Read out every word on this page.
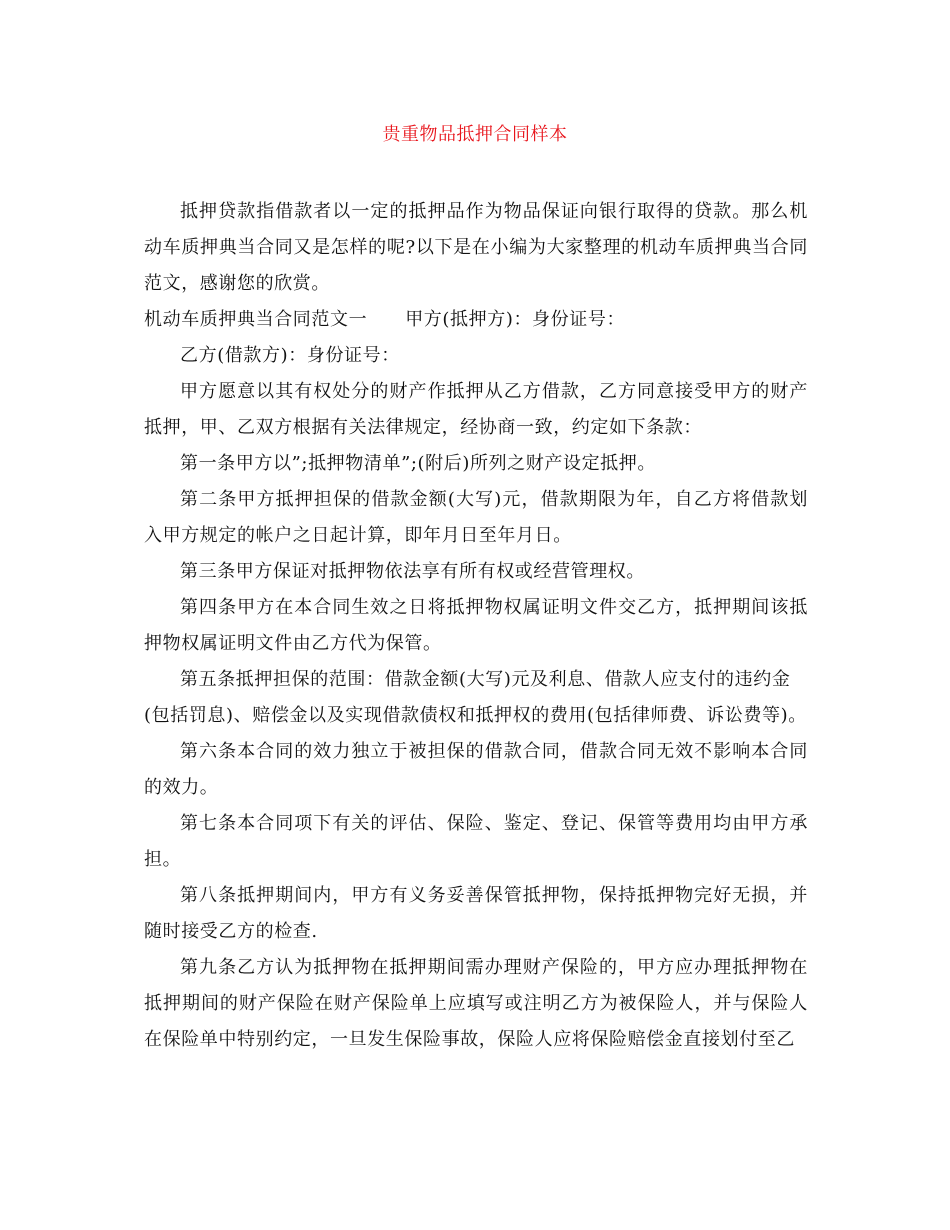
贵重物品抵押合同样本

抵押贷款指借款者以一定的抵押品作为物品保证向银行取得的贷款。那么机动车质押典当合同又是怎样的呢?以下是在小编为大家整理的机动车质押典当合同范文，感谢您的欣赏。

机动车质押典当合同范文一 甲方(抵押方)：身份证号：

乙方(借款方)：身份证号：

甲方愿意以其有权处分的财产作抵押从乙方借款，乙方同意接受甲方的财产抵押，甲、乙双方根据有关法律规定，经协商一致，约定如下条款：

第一条甲方以”;抵押物清单”;(附后)所列之财产设定抵押。

第二条甲方抵押担保的借款金额(大写)元，借款期限为年，自乙方将借款划入甲方规定的帐户之日起计算，即年月日至年月日。

第三条甲方保证对抵押物依法享有所有权或经营管理权。

第四条甲方在本合同生效之日将抵押物权属证明文件交乙方，抵押期间该抵押物权属证明文件由乙方代为保管。

第五条抵押担保的范围：借款金额(大写)元及利息、借款人应支付的违约金(包括罚息)、赔偿金以及实现借款债权和抵押权的费用(包括律师费、诉讼费等)。

第六条本合同的效力独立于被担保的借款合同，借款合同无效不影响本合同的效力。

第七条本合同项下有关的评估、保险、鉴定、登记、保管等费用均由甲方承担。

第八条抵押期间内，甲方有义务妥善保管抵押物，保持抵押物完好无损，并随时接受乙方的检查.

第九条乙方认为抵押物在抵押期间需办理财产保险的，甲方应办理抵押物在抵押期间的财产保险在财产保险单上应填写或注明乙方为被保险人，并与保险人在保险单中特别约定，一旦发生保险事故，保险人应将保险赔偿金直接划付至乙
